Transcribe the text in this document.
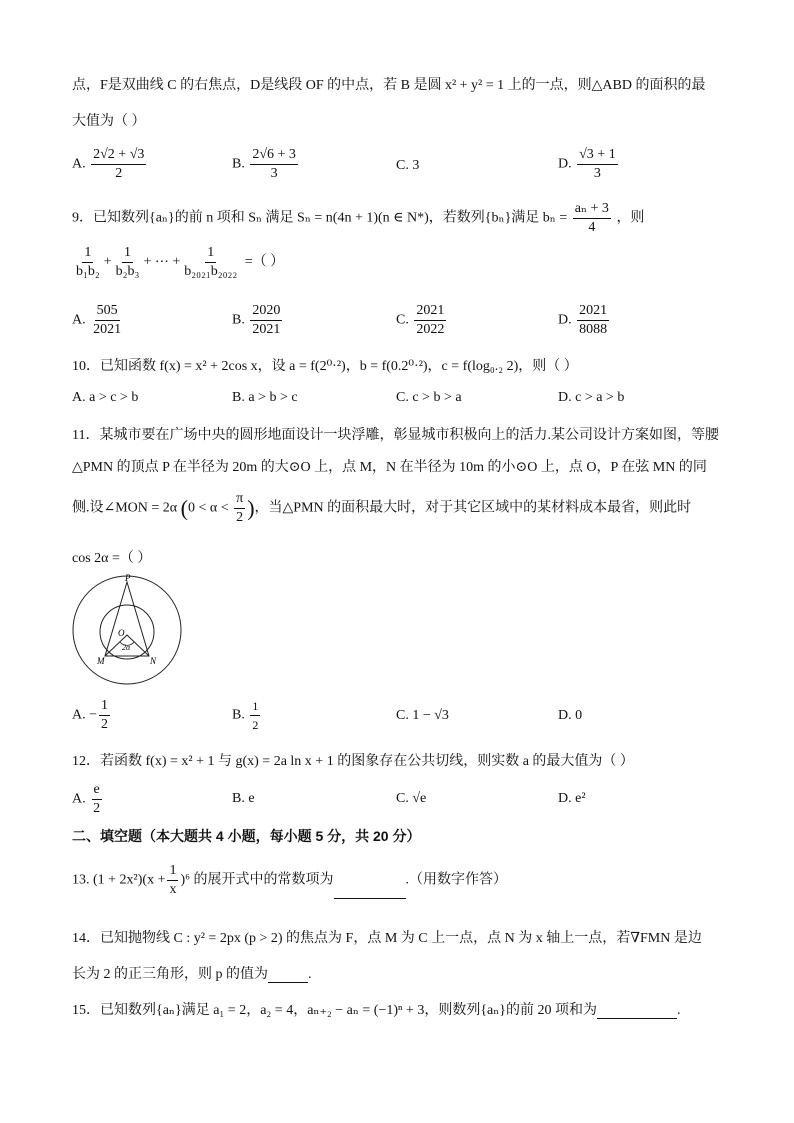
点，F是双曲线 C 的右焦点，D是线段 OF 的中点，若 B 是圆 x² + y² = 1 上的一点，则△ABD 的面积的最
大值为（ ）
A. $\frac{2√2 + √3}{2}$	B. $\frac{2√6 + 3}{3}$	C. 3	D. $\frac{√3 + 1}{3}$
9．已知数列{aₙ}的前 n 项和 Sₙ 满足 Sₙ = n(4n + 1)(n ∈ N*)，若数列{bₙ}满足 $b_n = \frac{\text{aₙ + 3}}{4}$ ，则
$\frac{1}{\text{b₁b₂}} + \frac{1}{\text{b₂b₃}}$ + ⋯ + $\frac{1}{\text{b₂₀₂₁b₂₀₂₂}}$ =（ ）
A. $\frac{505}{2021}$	B. $\frac{2020}{2021}$	C. $\frac{2021}{2022}$	D. $\frac{2021}{8088}$
10．已知函数 f(x) = x² + 2cos x，设 a = f(2⁰·²)，b = f(0.2⁰·²)，c = f(log₀.₂ 2)，则（ ）
A. a > c > b	B. a > b > c	C. c > b > a	D. c > a > b
11．某城市要在广场中央的圆形地面设计一块浮雕，彰显城市积极向上的活力.某公司设计方案如图，等腰
△PMN 的顶点 P 在半径为 20m 的大⊙O 上，点 M，N 在半径为 10m 的小⊙O 上，点 O，P 在弦 MN 的同
侧.设∠MON = 2α ($0 < \alpha < \frac{\pi}{2}$ )，当△PMN 的面积最大时，对于其它区域中的某材料成本最省，则此时
cos 2α =（ ）
P
O
2α
M	N
A. − $\frac{1}{2}$	B. $\frac{1}{2}$	C. 1 − √3	D. 0
12．若函数 f(x) = x² + 1 与 g(x) = 2a ln x + 1 的图象存在公共切线，则实数 a 的最大值为（ ）
A. $\frac{e}{2}$	B. e	C. √e	D. e²
二、填空题（本大题共 4 小题，每小题 5 分，共 20 分）
13. $(1 + 2x^2)(x + \frac{1}{x} )^6$ 的展开式中的常数项为	.（用数字作答）
14．已知抛物线 C : y² = 2px (p > 2) 的焦点为 F，点 M 为 C 上一点，点 N 为 x 轴上一点，若∇FMN 是边
长为 2 的正三角形，则 p 的值为	.
15．已知数列{aₙ}满足 a₁ = 2，a₂ = 4，aₙ₊₂ − aₙ = (−1)ⁿ + 3，则数列{aₙ}的前 20 项和为	.
